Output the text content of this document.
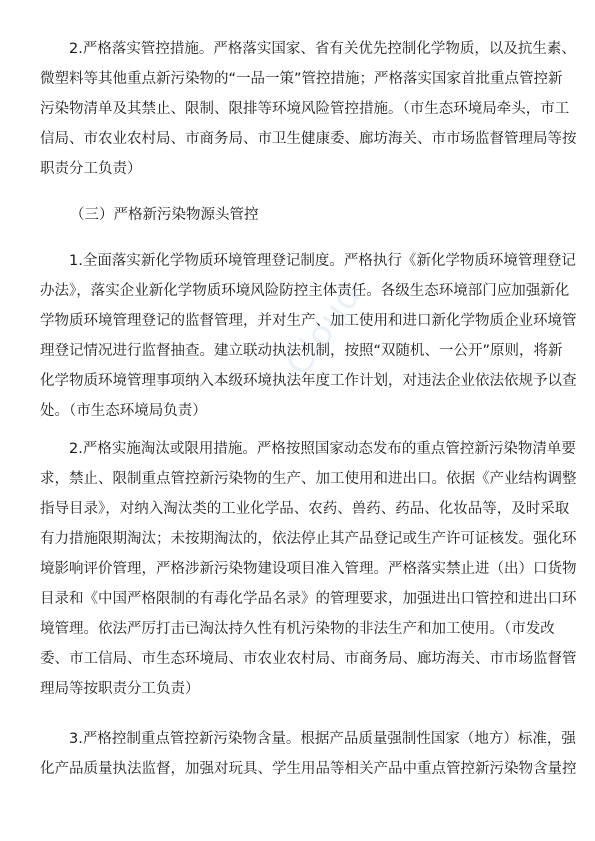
Cloud
　　2.严格落实管控措施。严格落实国家、省有关优先控制化学物质，以及抗生素、
微塑料等其他重点新污染物的“一品一策”管控措施；严格落实国家首批重点管控新
污染物清单及其禁止、限制、限排等环境风险管控措施。（市生态环境局牵头，市工
信局、市农业农村局、市商务局、市卫生健康委、廊坊海关、市市场监督管理局等按
职责分工负责）
（三）严格新污染物源头管控
　　1.全面落实新化学物质环境管理登记制度。严格执行《新化学物质环境管理登记
办法》，落实企业新化学物质环境风险防控主体责任。各级生态环境部门应加强新化
学物质环境管理登记的监督管理，并对生产、加工使用和进口新化学物质企业环境管
理登记情况进行监督抽查。建立联动执法机制，按照“双随机、一公开”原则，将新
化学物质环境管理事项纳入本级环境执法年度工作计划，对违法企业依法依规予以查
处。（市生态环境局负责）
　　2.严格实施淘汰或限用措施。严格按照国家动态发布的重点管控新污染物清单要
求，禁止、限制重点管控新污染物的生产、加工使用和进出口。依据《产业结构调整
指导目录》，对纳入淘汰类的工业化学品、农药、兽药、药品、化妆品等，及时采取
有力措施限期淘汰；未按期淘汰的，依法停止其产品登记或生产许可证核发。强化环
境影响评价管理，严格涉新污染物建设项目准入管理。严格落实禁止进（出）口货物
目录和《中国严格限制的有毒化学品名录》的管理要求，加强进出口管控和进出口环
境管理。依法严厉打击已淘汰持久性有机污染物的非法生产和加工使用。（市发改
委、市工信局、市生态环境局、市农业农村局、市商务局、廊坊海关、市市场监督管
理局等按职责分工负责）
　　3.严格控制重点管控新污染物含量。根据产品质量强制性国家（地方）标准，强
化产品质量执法监督，加强对玩具、学生用品等相关产品中重点管控新污染物含量控
